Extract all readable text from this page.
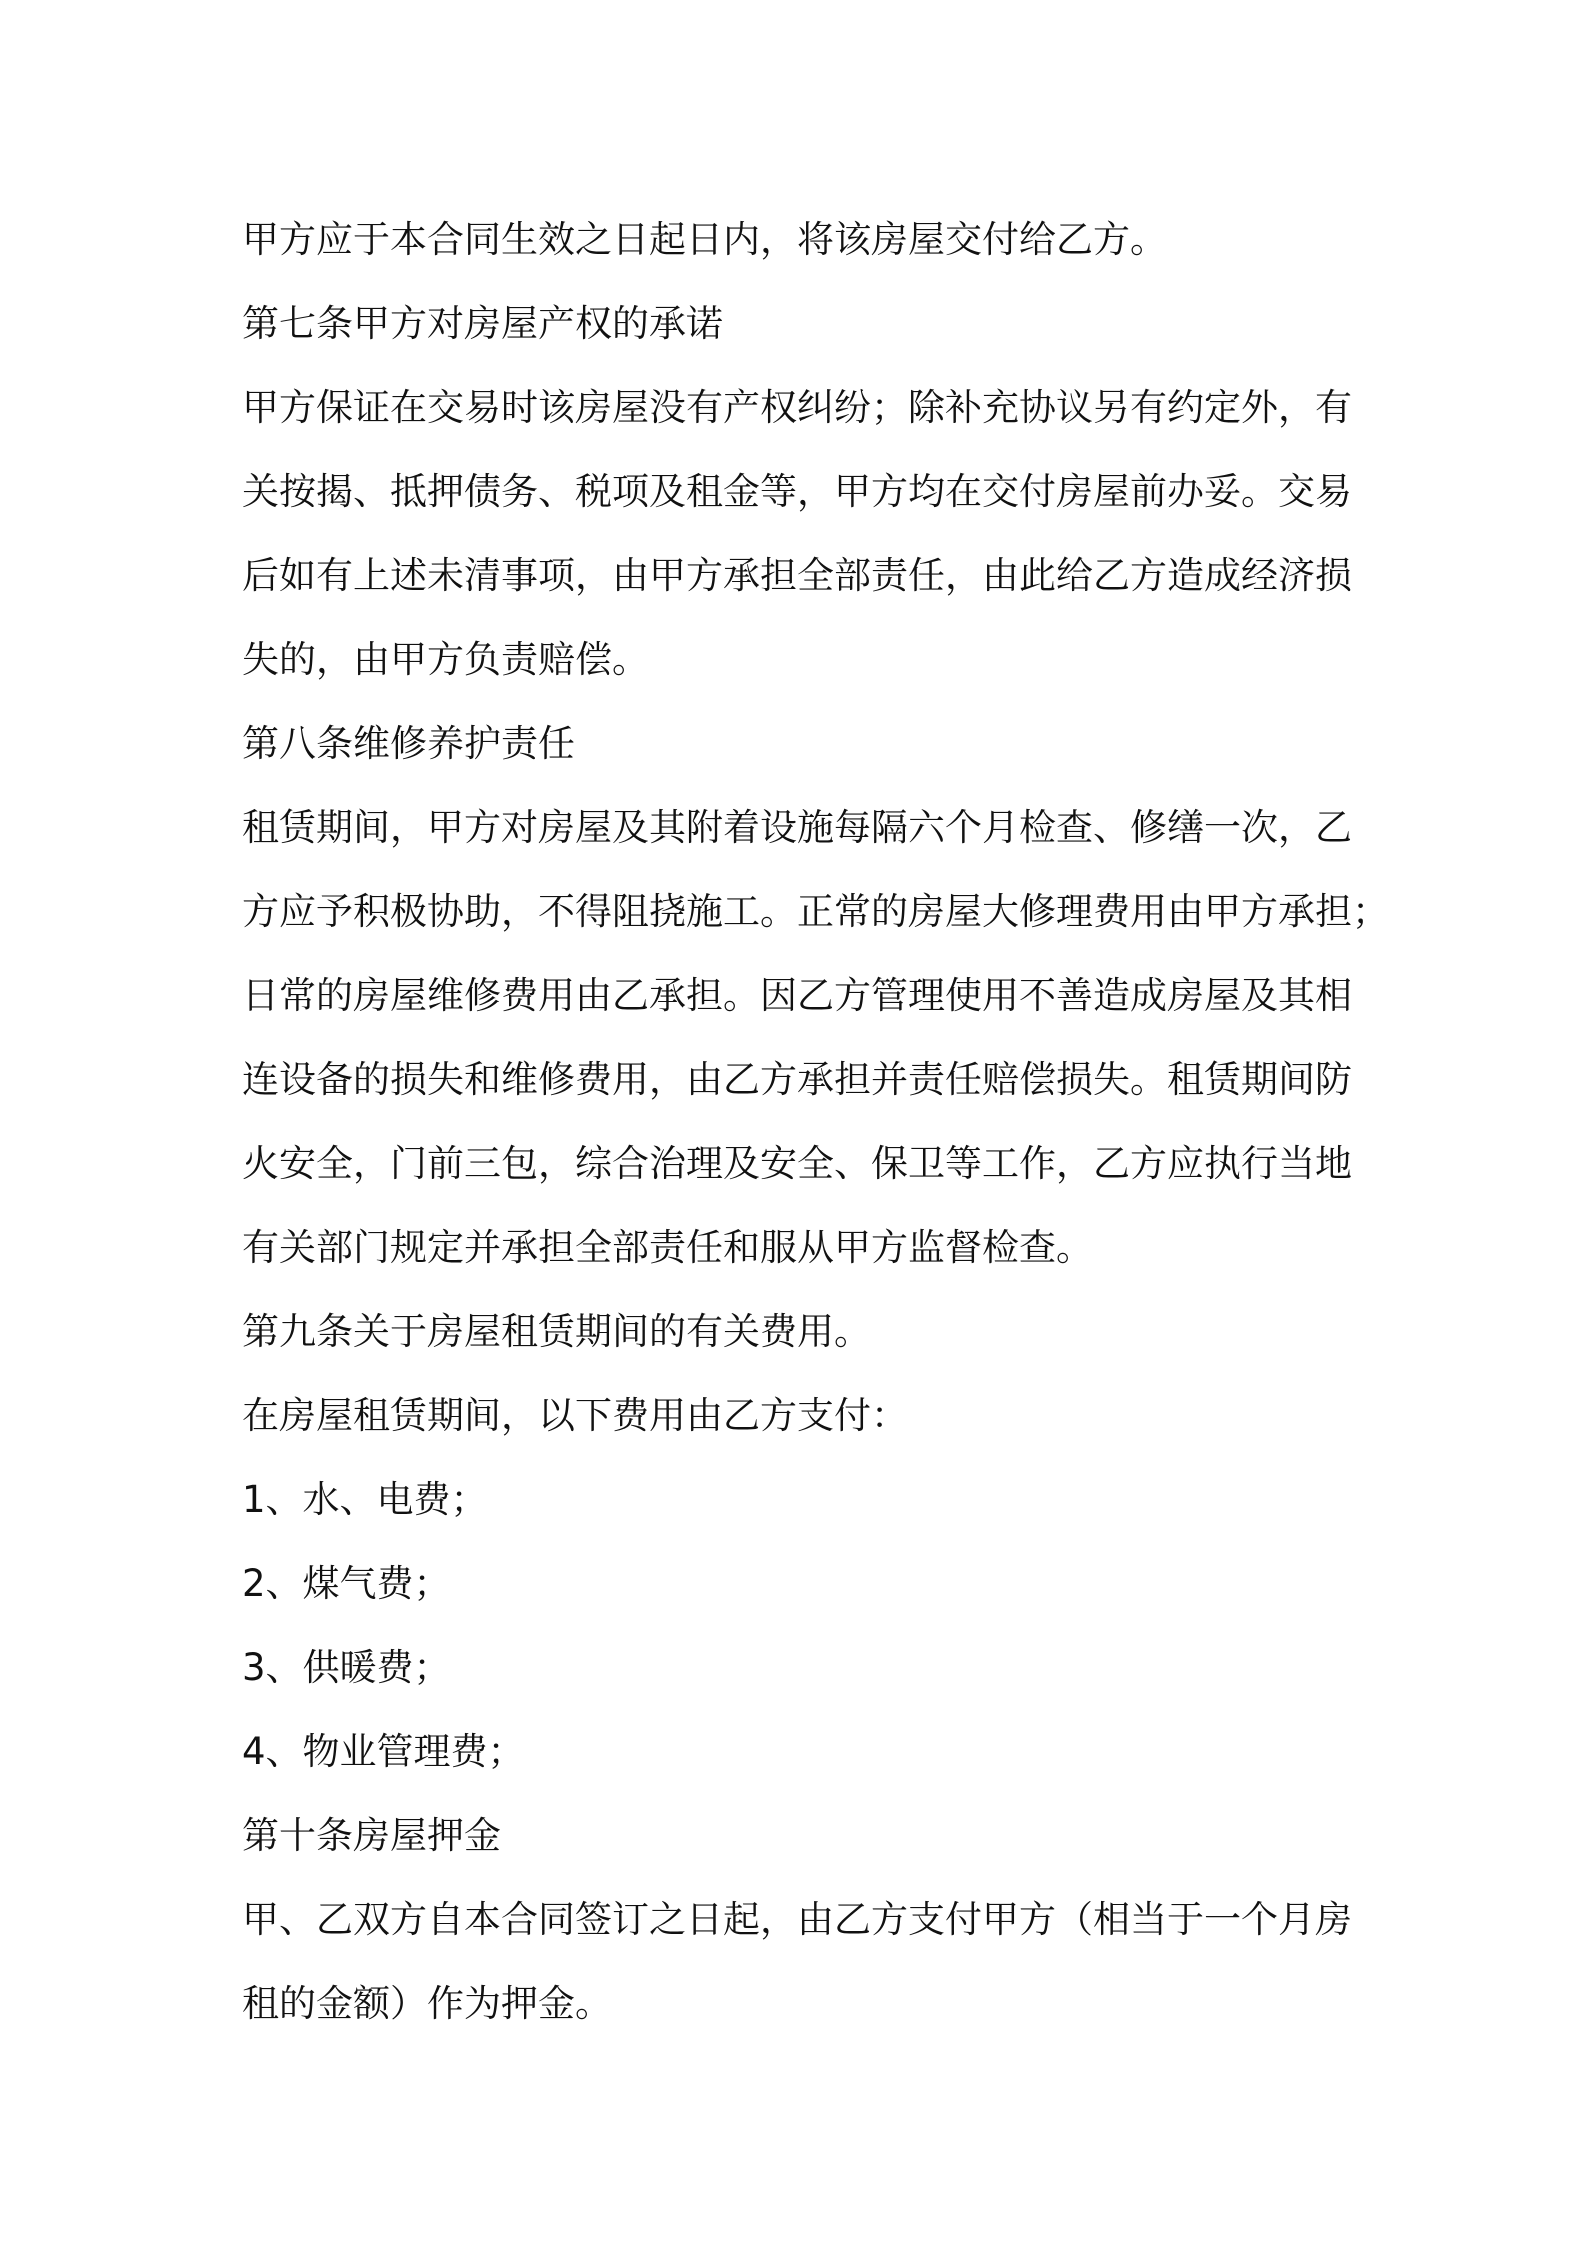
甲方应于本合同生效之日起日内，将该房屋交付给乙方。
第七条甲方对房屋产权的承诺
甲方保证在交易时该房屋没有产权纠纷；除补充协议另有约定外，有
关按揭、抵押债务、税项及租金等，甲方均在交付房屋前办妥。交易
后如有上述未清事项，由甲方承担全部责任，由此给乙方造成经济损
失的，由甲方负责赔偿。
第八条维修养护责任
租赁期间，甲方对房屋及其附着设施每隔六个月检查、修缮一次，乙
方应予积极协助，不得阻挠施工。正常的房屋大修理费用由甲方承担；
日常的房屋维修费用由乙承担。因乙方管理使用不善造成房屋及其相
连设备的损失和维修费用，由乙方承担并责任赔偿损失。租赁期间防
火安全，门前三包，综合治理及安全、保卫等工作，乙方应执行当地
有关部门规定并承担全部责任和服从甲方监督检查。
第九条关于房屋租赁期间的有关费用。
在房屋租赁期间，以下费用由乙方支付：
1、水、电费；
2、煤气费；
3、供暖费；
4、物业管理费；
第十条房屋押金
甲、乙双方自本合同签订之日起，由乙方支付甲方（相当于一个月房
租的金额）作为押金。
